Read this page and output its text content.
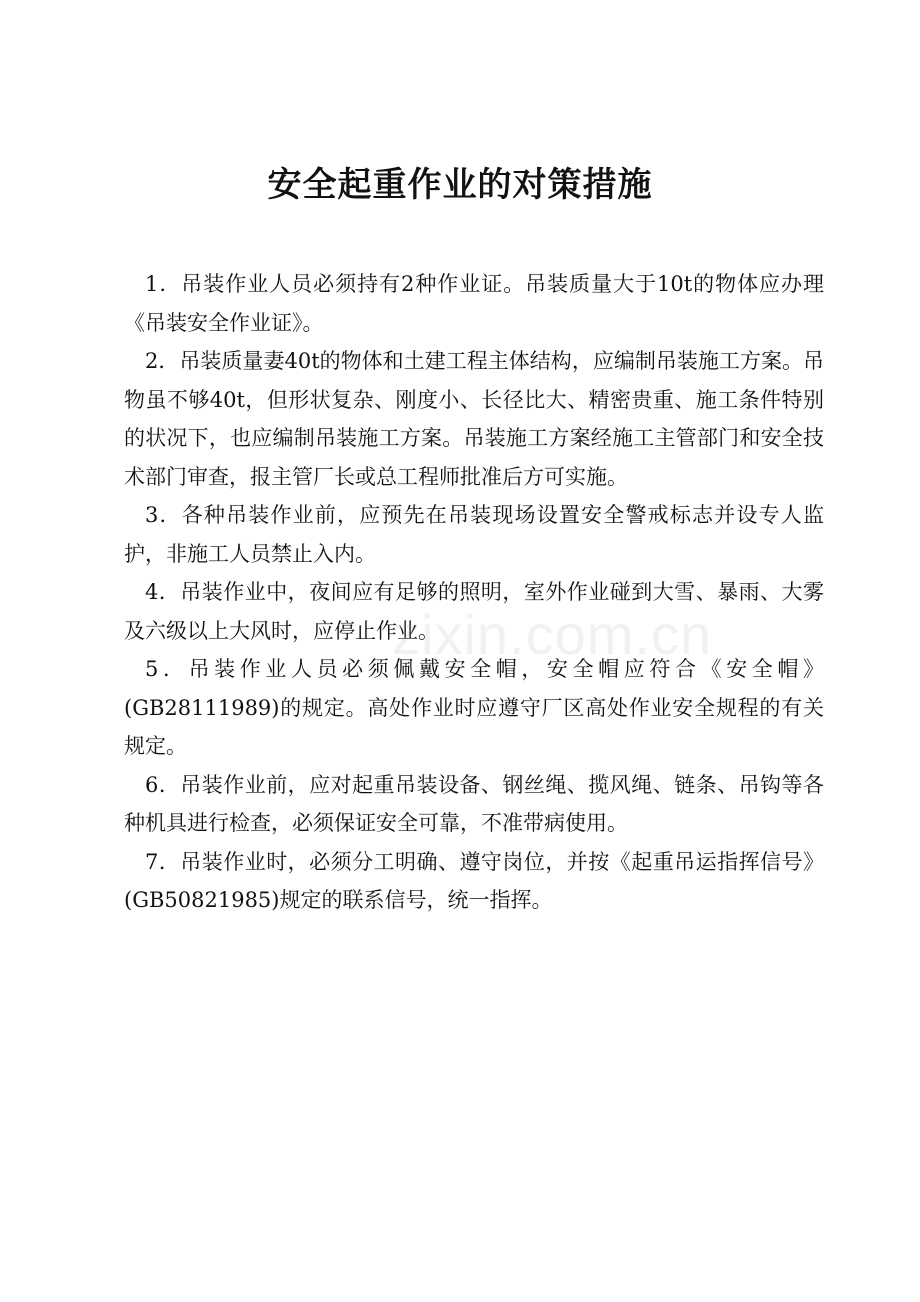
安全起重作业的对策措施

1．吊装作业人员必须持有2种作业证。吊装质量大于10t的物体应办理《吊装安全作业证》。

2．吊装质量妻40t的物体和土建工程主体结构，应编制吊装施工方案。吊物虽不够40t，但形状复杂、刚度小、长径比大、精密贵重、施工条件特别的状况下，也应编制吊装施工方案。吊装施工方案经施工主管部门和安全技术部门审查，报主管厂长或总工程师批准后方可实施。

3．各种吊装作业前，应预先在吊装现场设置安全警戒标志并设专人监护，非施工人员禁止入内。

4．吊装作业中，夜间应有足够的照明，室外作业碰到大雪、暴雨、大雾及六级以上大风时，应停止作业。

5．吊装作业人员必须佩戴安全帽，安全帽应符合《安全帽》(GB28111989)的规定。高处作业时应遵守厂区高处作业安全规程的有关规定。

6．吊装作业前，应对起重吊装设备、钢丝绳、揽风绳、链条、吊钩等各种机具进行检查，必须保证安全可靠，不准带病使用。

7．吊装作业时，必须分工明确、遵守岗位，并按《起重吊运指挥信号》(GB50821985)规定的联系信号，统一指挥。

zixin.com.cn
